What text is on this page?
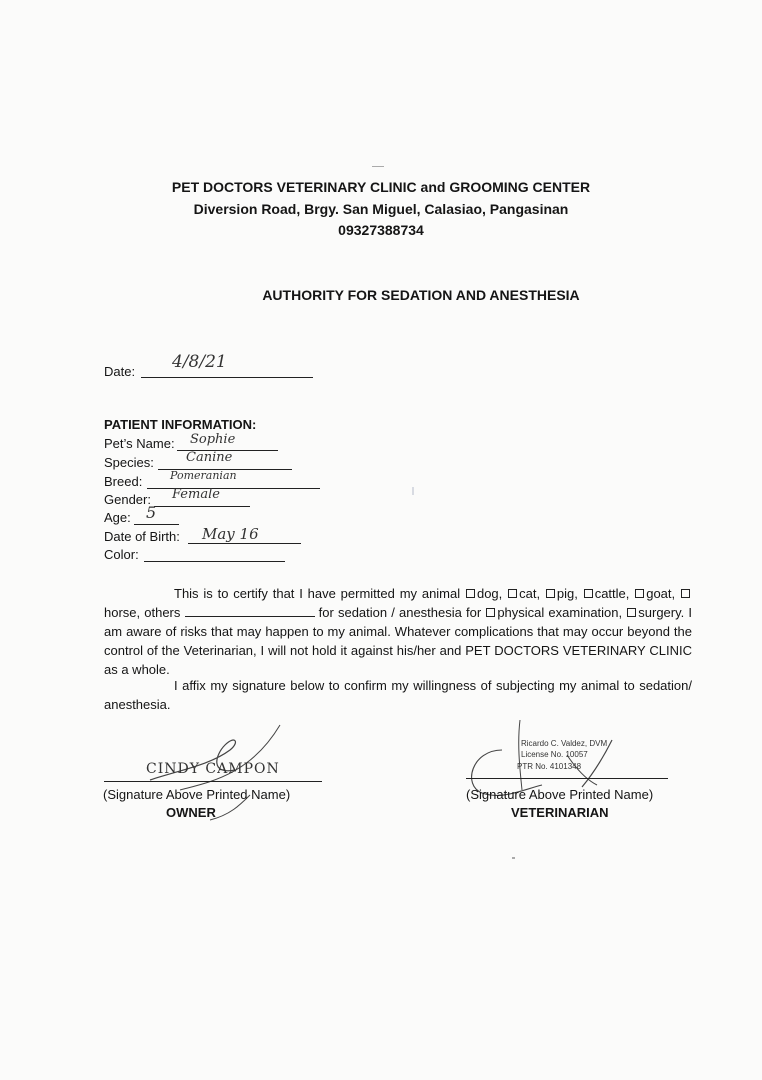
PET DOCTORS VETERINARY CLINIC and GROOMING CENTER
Diversion Road, Brgy. San Miguel, Calasiao, Pangasinan
09327388734
AUTHORITY FOR SEDATION AND ANESTHESIA
Date: 4/8/21
PATIENT INFORMATION:
Pet’s Name: Sophie
Species: Canine
Breed:	Pomeranian
Gender: Female
Age: 5
Date of Birth: May 16
Color:
This is to certify that I have permitted my animal dog, cat, pig, cattle, goat, horse, others	for sedation / anesthesia for physical examination, surgery. I am aware of risks that may happen to my animal. Whatever complications that may occur beyond the control of the Veterinarian, I will not hold it against his/her and PET DOCTORS VETERINARY CLINIC as a whole.
I affix my signature below to confirm my willingness of subjecting my animal to sedation/ anesthesia.
CINDY CAMPON
(Signature Above Printed Name)
OWNER
Ricardo C. Valdez, DVM
License No. 10057
PTR No. 4101348
(Signature Above Printed Name)
VETERINARIAN
